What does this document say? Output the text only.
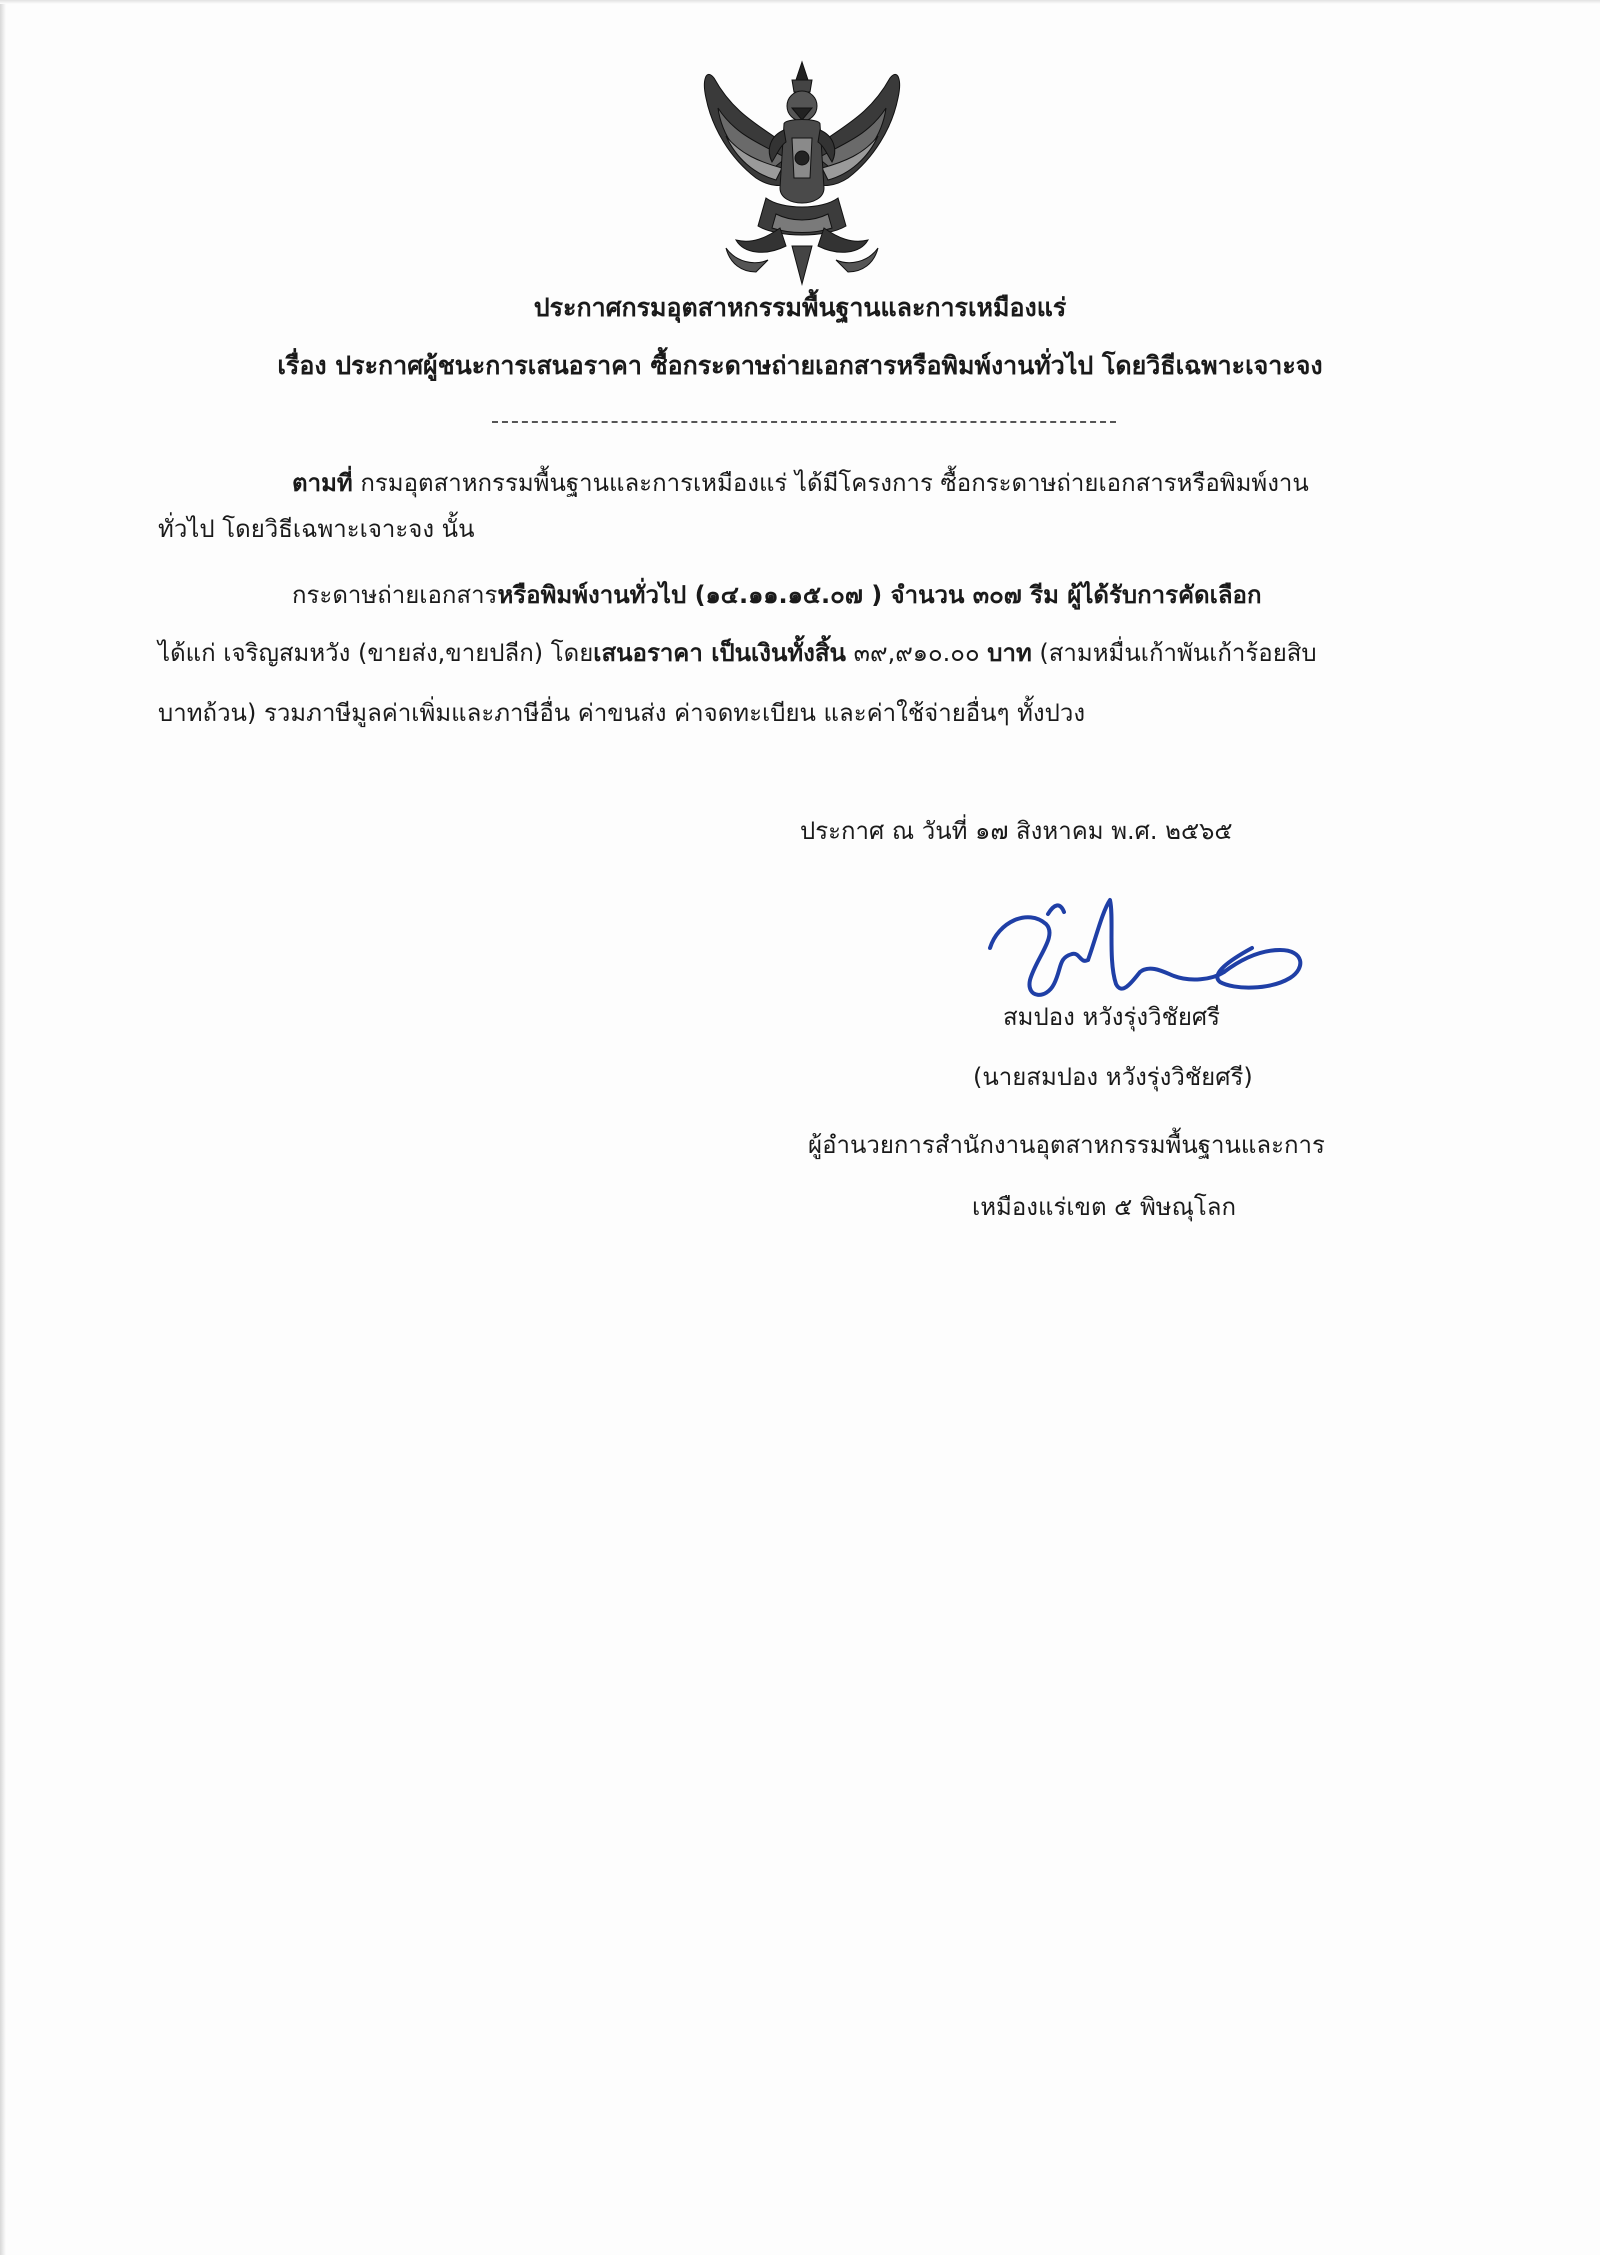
ประกาศกรมอุตสาหกรรมพื้นฐานและการเหมืองแร่
เรื่อง ประกาศผู้ชนะการเสนอราคา ซื้อกระดาษถ่ายเอกสารหรือพิมพ์งานทั่วไป โดยวิธีเฉพาะเจาะจง
ตามที่ กรมอุตสาหกรรมพื้นฐานและการเหมืองแร่ ได้มีโครงการ ซื้อกระดาษถ่ายเอกสารหรือพิมพ์งาน
ทั่วไป โดยวิธีเฉพาะเจาะจง นั้น
กระดาษถ่ายเอกสารหรือพิมพ์งานทั่วไป (๑๔.๑๑.๑๕.๐๗ ) จำนวน ๓๐๗ รีม ผู้ได้รับการคัดเลือก
ได้แก่ เจริญสมหวัง (ขายส่ง,ขายปลีก) โดยเสนอราคา เป็นเงินทั้งสิ้น ๓๙,๙๑๐.๐๐ บาท (สามหมื่นเก้าพันเก้าร้อยสิบ
บาทถ้วน) รวมภาษีมูลค่าเพิ่มและภาษีอื่น ค่าขนส่ง ค่าจดทะเบียน และค่าใช้จ่ายอื่นๆ ทั้งปวง
ประกาศ ณ วันที่ ๑๗ สิงหาคม พ.ศ. ๒๕๖๕
สมปอง หวังรุ่งวิชัยศรี
(นายสมปอง หวังรุ่งวิชัยศรี)
ผู้อำนวยการสำนักงานอุตสาหกรรมพื้นฐานและการ
เหมืองแร่เขต ๕ พิษณุโลก
